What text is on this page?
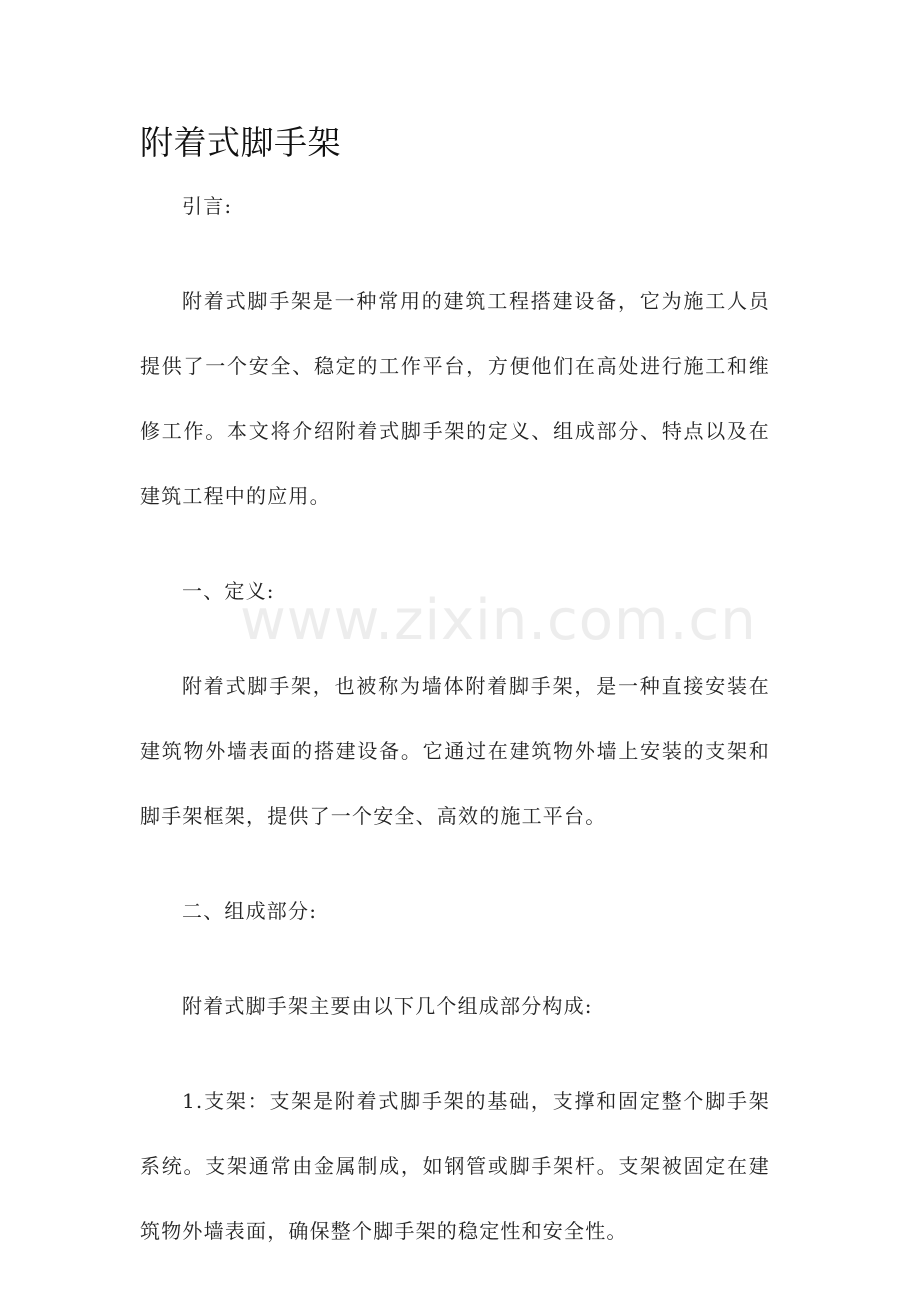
附着式脚手架

引言:

附着式脚手架是一种常用的建筑工程搭建设备，它为施工人员提供了一个安全、稳定的工作平台，方便他们在高处进行施工和维修工作。本文将介绍附着式脚手架的定义、组成部分、特点以及在建筑工程中的应用。

一、定义:

附着式脚手架，也被称为墙体附着脚手架，是一种直接安装在建筑物外墙表面的搭建设备。它通过在建筑物外墙上安装的支架和脚手架框架，提供了一个安全、高效的施工平台。

二、组成部分:

附着式脚手架主要由以下几个组成部分构成:

1.支架：支架是附着式脚手架的基础，支撑和固定整个脚手架系统。支架通常由金属制成，如钢管或脚手架杆。支架被固定在建筑物外墙表面，确保整个脚手架的稳定性和安全性。

www.zixin.com.cn
